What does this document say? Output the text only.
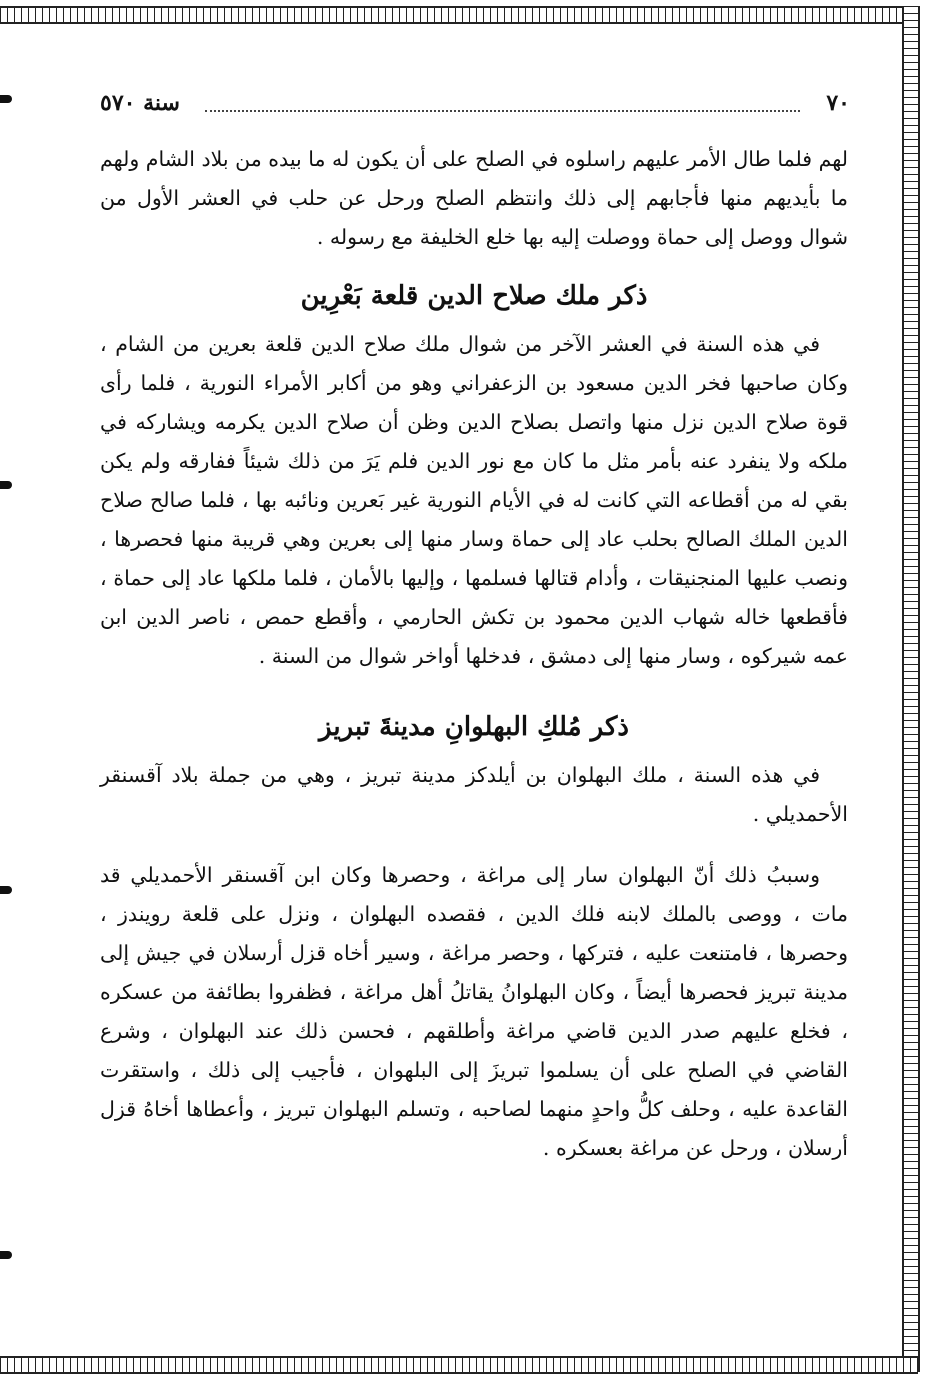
سنة ٥٧٠	٧٠

لهم فلما طال الأمر عليهم راسلوه في الصلح على أن يكون له ما بيده من بلاد الشام ولهم ما بأيديهم منها فأجابهم إلى ذلك وانتظم الصلح ورحل عن حلب في العشر الأول من شوال ووصل إلى حماة ووصلت إليه بها خلع الخليفة مع رسوله .

ذكر ملك صلاح الدين قلعة بَعْرِين

في هذه السنة في العشر الآخر من شوال ملك صلاح الدين قلعة بعرين من الشام ، وكان صاحبها فخر الدين مسعود بن الزعفراني وهو من أكابر الأمراء النورية ، فلما رأى قوة صلاح الدين نزل منها واتصل بصلاح الدين وظن أن صلاح الدين يكرمه ويشاركه في ملكه ولا ينفرد عنه بأمر مثل ما كان مع نور الدين فلم يَرَ من ذلك شيئاً ففارقه ولم يكن بقي له من أقطاعه التي كانت له في الأيام النورية غير بَعرين ونائبه بها ، فلما صالح صلاح الدين الملك الصالح بحلب عاد إلى حماة وسار منها إلى بعرين وهي قريبة منها فحصرها ، ونصب عليها المنجنيقات ، وأدام قتالها فسلمها ، وإليها بالأمان ، فلما ملكها عاد إلى حماة ، فأقطعها خاله شهاب الدين محمود بن تكش الحارمي ، وأقطع حمص ، ناصر الدين ابن عمه شيركوه ، وسار منها إلى دمشق ، فدخلها أواخر شوال من السنة .

ذكر مُلكِ البهلوانِ مدينةَ تبريز

في هذه السنة ، ملك البهلوان بن أيلدكز مدينة تبريز ، وهي من جملة بلاد آقسنقر الأحمديلي .

وسببُ ذلك أنّ البهلوان سار إلى مراغة ، وحصرها وكان ابن آقسنقر الأحمديلي قد مات ، ووصى بالملك لابنه فلك الدين ، فقصده البهلوان ، ونزل على قلعة رويندز ، وحصرها ، فامتنعت عليه ، فتركها ، وحصر مراغة ، وسير أخاه قزل أرسلان في جيش إلى مدينة تبريز فحصرها أيضاً ، وكان البهلوانُ يقاتلُ أهل مراغة ، فظفروا بطائفة من عسكره ، فخلع عليهم صدر الدين قاضي مراغة وأطلقهم ، فحسن ذلك عند البهلوان ، وشرع القاضي في الصلح على أن يسلموا تبريزَ إلى البلهوان ، فأجيب إلى ذلك ، واستقرت القاعدة عليه ، وحلف كلُّ واحدٍ منهما لصاحبه ، وتسلم البهلوان تبريز ، وأعطاها أخاهُ قزل أرسلان ، ورحل عن مراغة بعسكره .
